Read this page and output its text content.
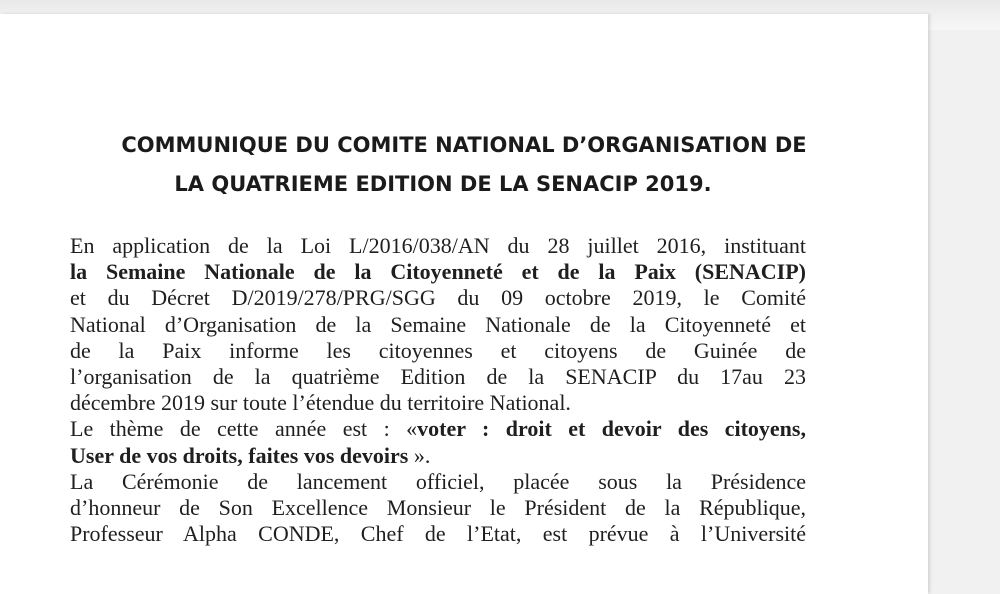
COMMUNIQUE DU COMITE NATIONAL D’ORGANISATION DE
LA QUATRIEME EDITION DE LA SENACIP 2019.
En application de la Loi L/2016/038/AN du 28 juillet 2016, instituant
la Semaine Nationale de la Citoyenneté et de la Paix (SENACIP)
et du Décret D/2019/278/PRG/SGG du 09 octobre 2019, le Comité
National d’Organisation de la Semaine Nationale de la Citoyenneté et
de la Paix informe les citoyennes et citoyens de Guinée de
l’organisation de la quatrième Edition de la SENACIP du 17au 23
décembre 2019 sur toute l’étendue du territoire National.
Le thème de cette année est : «voter : droit et devoir des citoyens,
User de vos droits, faites vos devoirs ».
La Cérémonie de lancement officiel, placée sous la Présidence
d’honneur de Son Excellence Monsieur le Président de la République,
Professeur Alpha CONDE, Chef de l’Etat, est prévue à l’Université
